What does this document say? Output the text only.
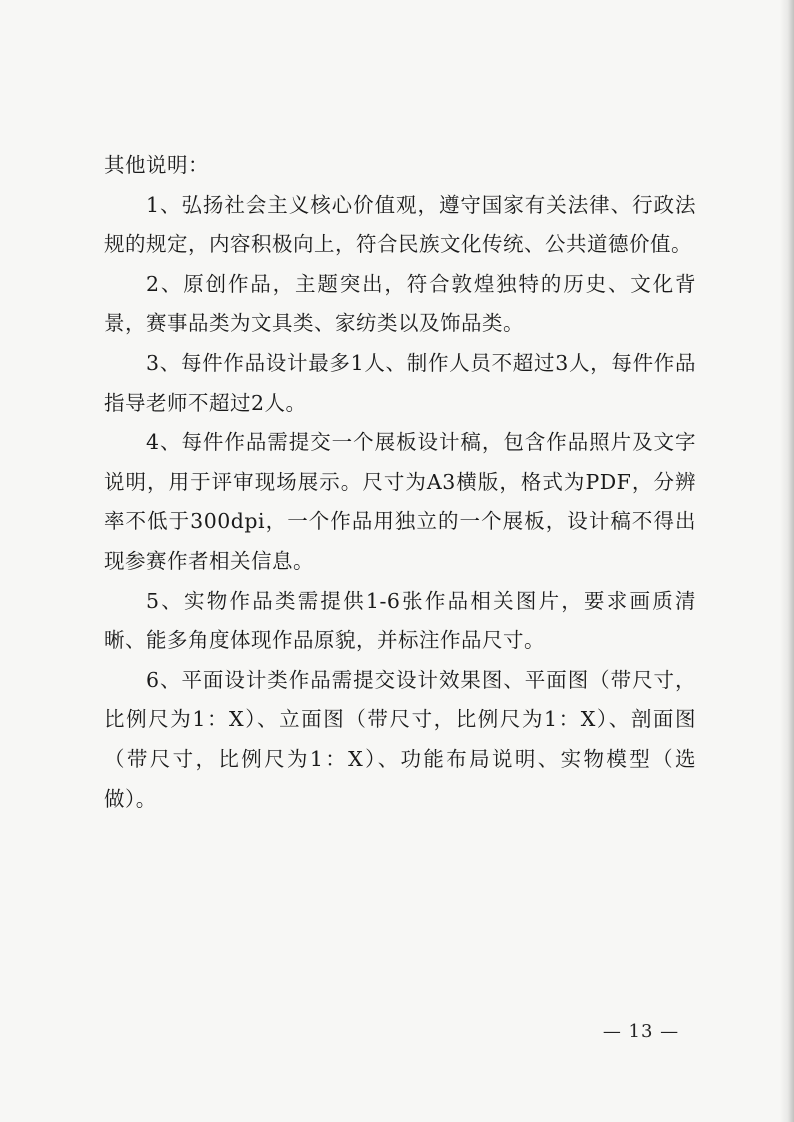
其他说明：

1、弘扬社会主义核心价值观，遵守国家有关法律、行政法规的规定，内容积极向上，符合民族文化传统、公共道德价值。

2、原创作品，主题突出，符合敦煌独特的历史、文化背景，赛事品类为文具类、家纺类以及饰品类。

3、每件作品设计最多1人、制作人员不超过3人，每件作品指导老师不超过2人。

4、每件作品需提交一个展板设计稿，包含作品照片及文字说明，用于评审现场展示。尺寸为A3横版，格式为PDF，分辨率不低于300dpi，一个作品用独立的一个展板，设计稿不得出现参赛作者相关信息。

5、实物作品类需提供1-6张作品相关图片，要求画质清晰、能多角度体现作品原貌，并标注作品尺寸。

6、平面设计类作品需提交设计效果图、平面图（带尺寸，比例尺为1：X）、立面图（带尺寸，比例尺为1：X）、剖面图（带尺寸，比例尺为1：X）、功能布局说明、实物模型（选做）。

— 13 —
